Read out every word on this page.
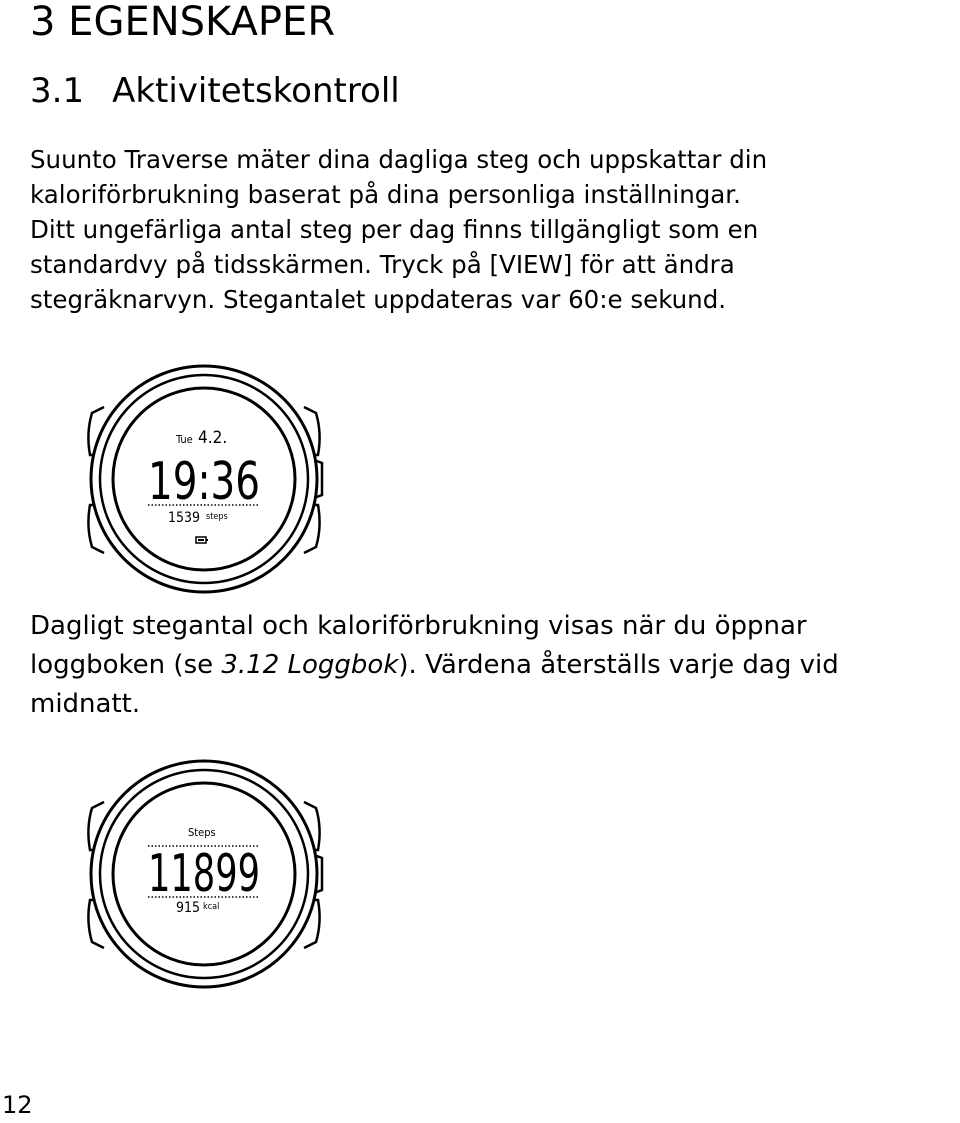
3 EGENSKAPER
3.1 Aktivitetskontroll

Suunto Traverse mäter dina dagliga steg och uppskattar din
kaloriförbrukning baserat på dina personliga inställningar.
Ditt ungefärliga antal steg per dag finns tillgängligt som en
standardvy på tidsskärmen. Tryck på [VIEW] för att ändra
stegräknarvyn. Stegantalet uppdateras var 60:e sekund.

Tue 4.2.
19:36
1539 steps

Dagligt stegantal och kaloriförbrukning visas när du öppnar
loggboken (se 3.12 Loggbok). Värdena återställs varje dag vid
midnatt.

Steps
11899
915 kcal
12
